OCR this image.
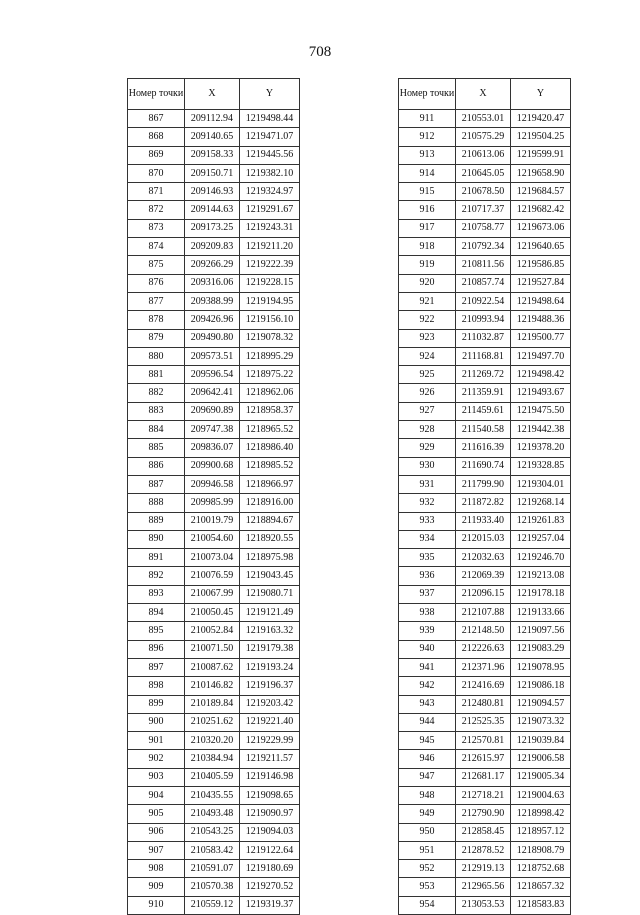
708
Номер точки	X	Y
867	209112.94	1219498.44
868	209140.65	1219471.07
869	209158.33	1219445.56
870	209150.71	1219382.10
871	209146.93	1219324.97
872	209144.63	1219291.67
873	209173.25	1219243.31
874	209209.83	1219211.20
875	209266.29	1219222.39
876	209316.06	1219228.15
877	209388.99	1219194.95
878	209426.96	1219156.10
879	209490.80	1219078.32
880	209573.51	1218995.29
881	209596.54	1218975.22
882	209642.41	1218962.06
883	209690.89	1218958.37
884	209747.38	1218965.52
885	209836.07	1218986.40
886	209900.68	1218985.52
887	209946.58	1218966.97
888	209985.99	1218916.00
889	210019.79	1218894.67
890	210054.60	1218920.55
891	210073.04	1218975.98
892	210076.59	1219043.45
893	210067.99	1219080.71
894	210050.45	1219121.49
895	210052.84	1219163.32
896	210071.50	1219179.38
897	210087.62	1219193.24
898	210146.82	1219196.37
899	210189.84	1219203.42
900	210251.62	1219221.40
901	210320.20	1219229.99
902	210384.94	1219211.57
903	210405.59	1219146.98
904	210435.55	1219098.65
905	210493.48	1219090.97
906	210543.25	1219094.03
907	210583.42	1219122.64
908	210591.07	1219180.69
909	210570.38	1219270.52
910	210559.12	1219319.37
Номер точки	X	Y
911	210553.01	1219420.47
912	210575.29	1219504.25
913	210613.06	1219599.91
914	210645.05	1219658.90
915	210678.50	1219684.57
916	210717.37	1219682.42
917	210758.77	1219673.06
918	210792.34	1219640.65
919	210811.56	1219586.85
920	210857.74	1219527.84
921	210922.54	1219498.64
922	210993.94	1219488.36
923	211032.87	1219500.77
924	211168.81	1219497.70
925	211269.72	1219498.42
926	211359.91	1219493.67
927	211459.61	1219475.50
928	211540.58	1219442.38
929	211616.39	1219378.20
930	211690.74	1219328.85
931	211799.90	1219304.01
932	211872.82	1219268.14
933	211933.40	1219261.83
934	212015.03	1219257.04
935	212032.63	1219246.70
936	212069.39	1219213.08
937	212096.15	1219178.18
938	212107.88	1219133.66
939	212148.50	1219097.56
940	212226.63	1219083.29
941	212371.96	1219078.95
942	212416.69	1219086.18
943	212480.81	1219094.57
944	212525.35	1219073.32
945	212570.81	1219039.84
946	212615.97	1219006.58
947	212681.17	1219005.34
948	212718.21	1219004.63
949	212790.90	1218998.42
950	212858.45	1218957.12
951	212878.52	1218908.79
952	212919.13	1218752.68
953	212965.56	1218657.32
954	213053.53	1218583.83
